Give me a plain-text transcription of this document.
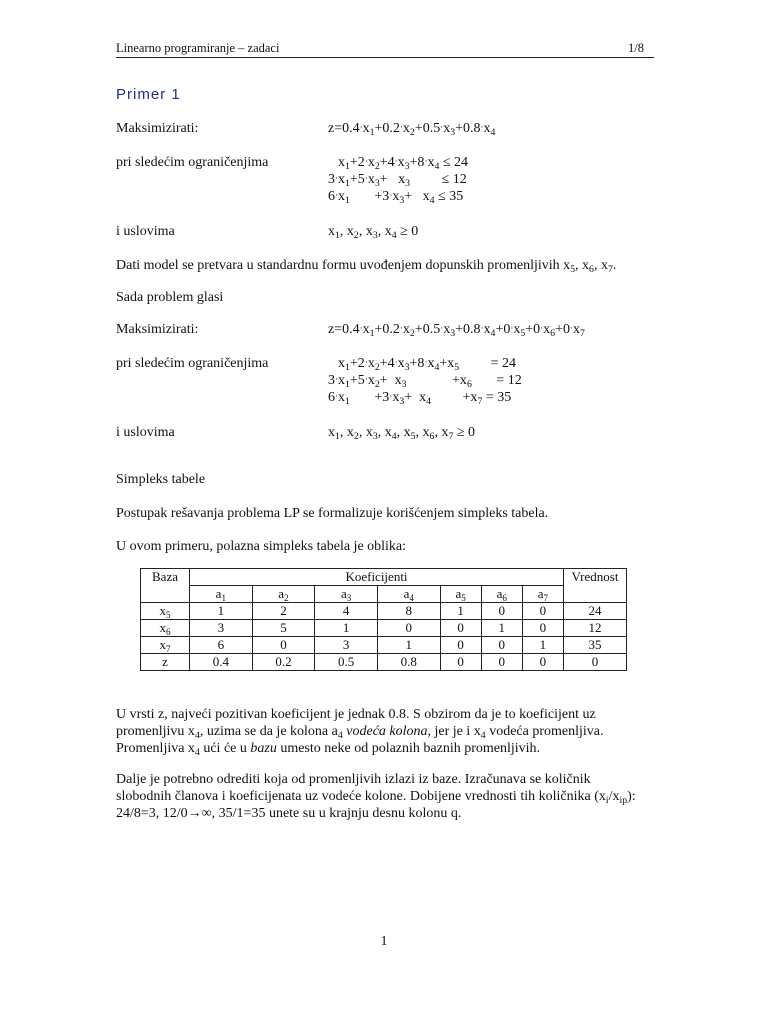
Linearno programiranje – zadaci	1/8
Primer 1
Maksimizirati:	$z=0.4\cdot x_1+0.2\cdot x_2+0.5\cdot x_3+0.8\cdot x_4$
pri sledećim ograničenjima	$x_1+2\cdot x_2+4\cdot x_3+8\cdot x_4 \le 24$
$3\cdot x_1+5\cdot x_3+ x_3$         ≤ 12
$6\cdot x_1$       $+3\cdot x_3+ x_4 \le 35$
i uslovima	$x_1$, $x_2$, $x_3$, $x_4 \ge 0$
Dati model se pretvara u standardnu formu uvođenjem dopunskih promenljivih $x_5$, $x_6$, $x_7$.
Sada problem glasi
Maksimizirati:	$z=0.4\cdot x_1+0.2\cdot x_2+0.5\cdot x_3+0.8\cdot x_4+0\cdot x_5+0\cdot x_6+0\cdot x_7$
pri sledećim ograničenjima	$x_1+2\cdot x_2+4\cdot x_3+8\cdot x_4+x_5$         = 24
$3\cdot x_1+5\cdot x_2+ x_3$             $+x_6$       = 12
$6\cdot x_1$       $+3\cdot x_3+ x_4$         $+x_7 = 35$
i uslovima	$x_1$, $x_2$, $x_3$, $x_4$, $x_5$, $x_6$, $x_7 \ge 0$
Simpleks tabele
Postupak rešavanja problema LP se formalizuje korišćenjem simpleks tabela.
U ovom primeru, polazna simpleks tabela je oblika:
Baza	Koeficijenti							Vrednost
	$a_1$	$a_2$	$a_3$	$a_4$	$a_5$	$a_6$	$a_7$
$x_5$	1	2	4	8	1	0	0	24
$x_6$	3	5	1	0	0	1	0	12
$x_7$	6	0	3	1	0	0	1	35
z	0.4	0.2	0.5	0.8	0	0	0	0
U vrsti z, najveći pozitivan koeficijent je jednak 0.8. S obzirom da je to koeficijent uz promenljivu $x_4$, uzima se da je kolona $a_4$ vodeća kolona, jer je i $x_4$ vodeća promenljiva. Promenljiva $x_4$ ući će u bazu umesto neke od polaznih baznih promenljivih.
Dalje je potrebno odrediti koja od promenljivih izlazi iz baze. Izračunava se količnik slobodnih članova i koeficijenata uz vodeće kolone. Dobijene vrednosti tih količnika $(x_i/x_{ip})$: 24/8=3, 12/0→∞, 35/1=35 unete su u krajnju desnu kolonu q.
1
